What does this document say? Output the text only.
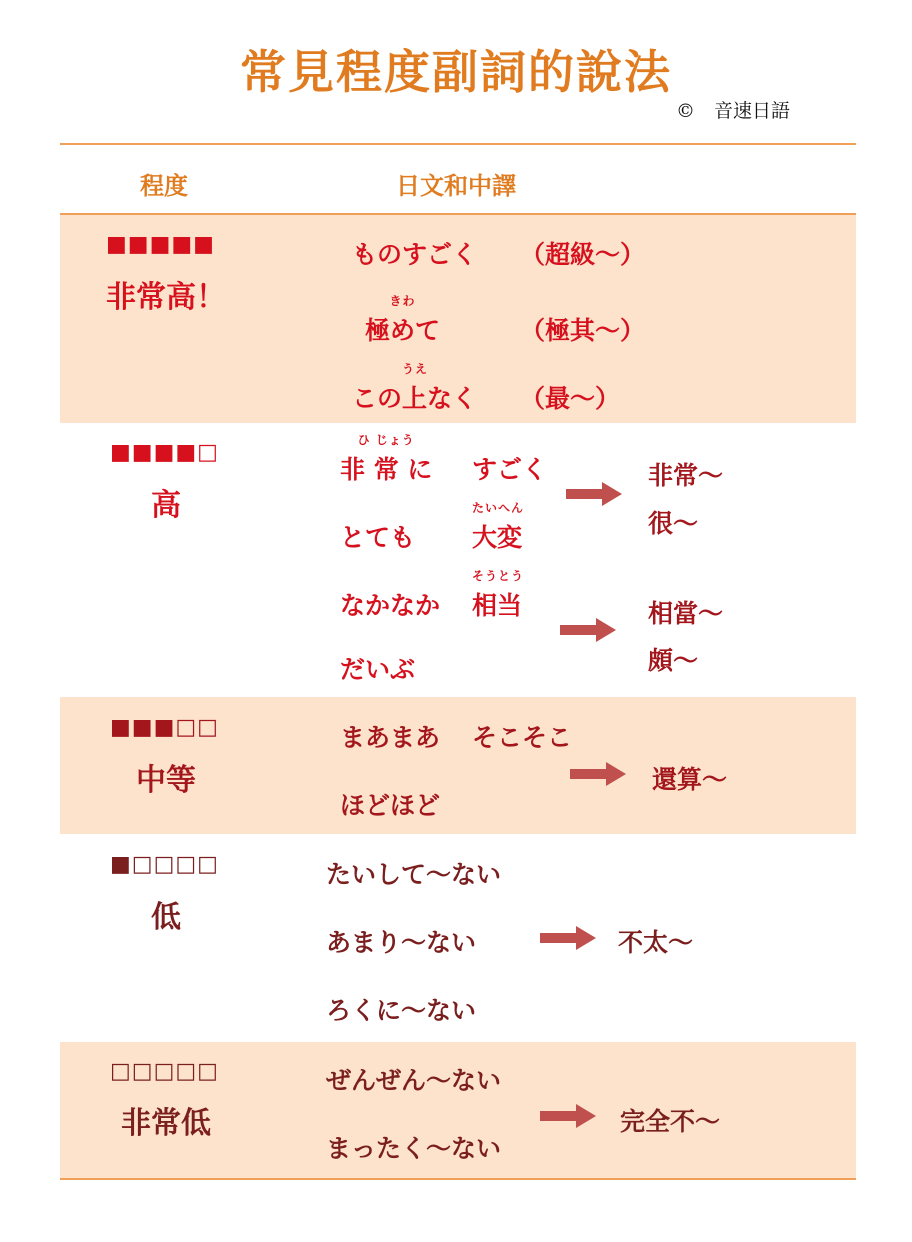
常見程度副詞的說法
©　音速日語
程度	日文和中譯
■■■■■
非常高！
ものすごく （超級〜）
きわ
極めて	（極其〜）
この
うえ
上なく （最〜）
■■■■□
高
ひ じょう
非 常 に すごく
とても
たいへん
大変
なかなか
そうとう
相当
だいぶ
非常〜
很〜
相當〜
頗〜
■■■□□
中等
まあまあ そこそこ
ほどほど
還算〜
■□□□□
低
たいして〜ない
あまり〜ない
ろくに〜ない
不太〜
□□□□□
非常低
ぜんぜん〜ない
まったく〜ない
完全不〜
